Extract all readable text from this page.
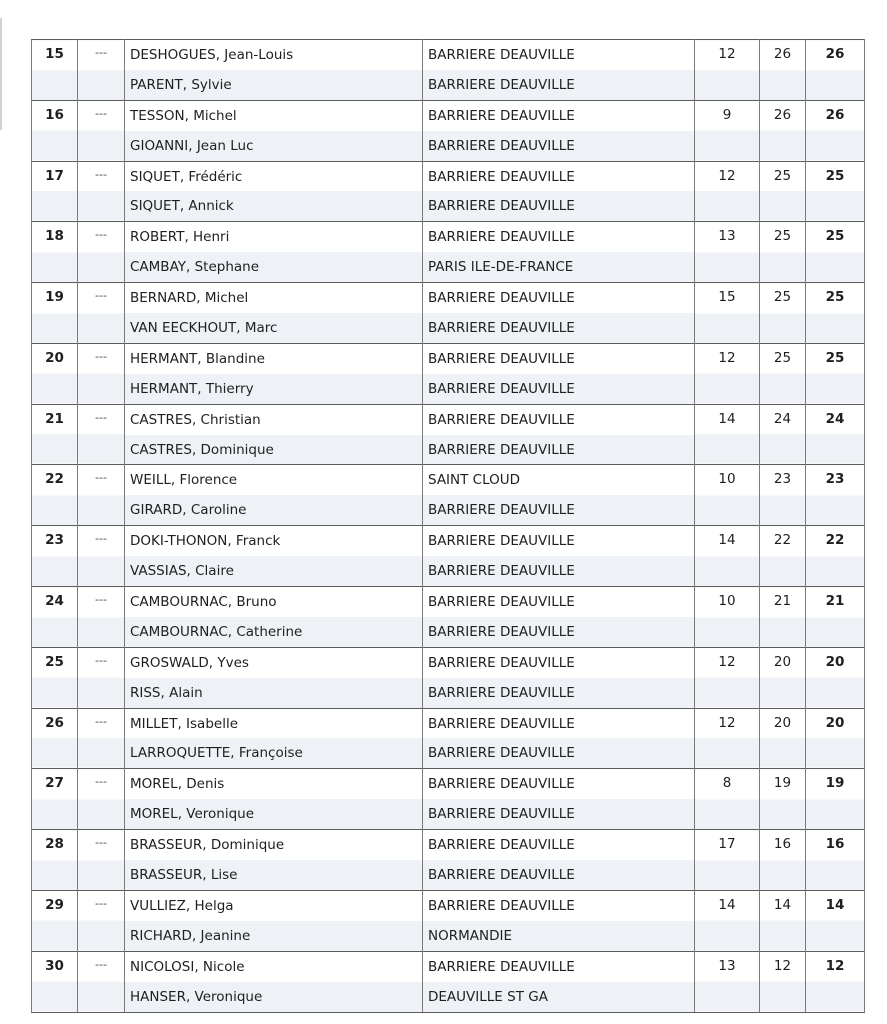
15	---	DESHOGUES, Jean-Louis	BARRIERE DEAUVILLE	12	26	26
		PARENT, Sylvie	BARRIERE DEAUVILLE			
16	---	TESSON, Michel	BARRIERE DEAUVILLE	9	26	26
		GIOANNI, Jean Luc	BARRIERE DEAUVILLE			
17	---	SIQUET, Frédéric	BARRIERE DEAUVILLE	12	25	25
		SIQUET, Annick	BARRIERE DEAUVILLE			
18	---	ROBERT, Henri	BARRIERE DEAUVILLE	13	25	25
		CAMBAY, Stephane	PARIS ILE-DE-FRANCE			
19	---	BERNARD, Michel	BARRIERE DEAUVILLE	15	25	25
		VAN EECKHOUT, Marc	BARRIERE DEAUVILLE			
20	---	HERMANT, Blandine	BARRIERE DEAUVILLE	12	25	25
		HERMANT, Thierry	BARRIERE DEAUVILLE			
21	---	CASTRES, Christian	BARRIERE DEAUVILLE	14	24	24
		CASTRES, Dominique	BARRIERE DEAUVILLE			
22	---	WEILL, Florence	SAINT CLOUD	10	23	23
		GIRARD, Caroline	BARRIERE DEAUVILLE			
23	---	DOKI-THONON, Franck	BARRIERE DEAUVILLE	14	22	22
		VASSIAS, Claire	BARRIERE DEAUVILLE			
24	---	CAMBOURNAC, Bruno	BARRIERE DEAUVILLE	10	21	21
		CAMBOURNAC, Catherine	BARRIERE DEAUVILLE			
25	---	GROSWALD, Yves	BARRIERE DEAUVILLE	12	20	20
		RISS, Alain	BARRIERE DEAUVILLE			
26	---	MILLET, Isabelle	BARRIERE DEAUVILLE	12	20	20
		LARROQUETTE, Françoise	BARRIERE DEAUVILLE			
27	---	MOREL, Denis	BARRIERE DEAUVILLE	8	19	19
		MOREL, Veronique	BARRIERE DEAUVILLE			
28	---	BRASSEUR, Dominique	BARRIERE DEAUVILLE	17	16	16
		BRASSEUR, Lise	BARRIERE DEAUVILLE			
29	---	VULLIEZ, Helga	BARRIERE DEAUVILLE	14	14	14
		RICHARD, Jeanine	NORMANDIE			
30	---	NICOLOSI, Nicole	BARRIERE DEAUVILLE	13	12	12
		HANSER, Veronique	DEAUVILLE ST GA			
